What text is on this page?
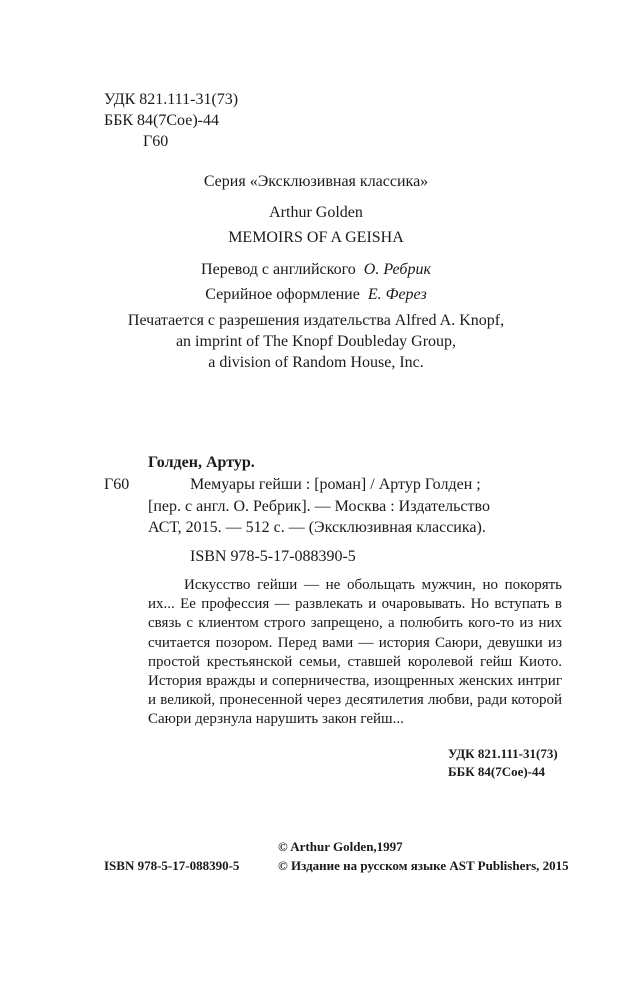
УДК 821.111-31(73)
ББК 84(7Сое)-44
Г60
Серия «Эксклюзивная классика»
Arthur Golden
MEMOIRS OF A GEISHA
Перевод с английского О. Ребрик
Серийное оформление Е. Ферез
Печатается с разрешения издательства Alfred A. Knopf,
an imprint of The Knopf Doubleday Group,
a division of Random House, Inc.
Голден, Артур.
Г60	Мемуары гейши : [роман] / Артур Голден ;
[пер. с англ. О. Ребрик]. — Москва : Издательство
АСТ, 2015. — 512 с. — (Эксклюзивная классика).
ISBN 978-5-17-088390-5

Искусство гейши — не обольщать мужчин, но покорять их... Ее профессия — развлекать и очаровывать. Но вступать в связь с клиентом строго запрещено, а полюбить кого-то из них считается позором. Перед вами — история Саюри, девушки из простой крестьянской семьи, ставшей королевой гейш Киото. История вражды и соперничества, изощренных женских интриг и великой, пронесенной через десятилетия любви, ради которой Саюри дерзнула нарушить закон гейш...

УДК 821.111-31(73)
ББК 84(7Сое)-44
© Arthur Golden,1997
ISBN 978-5-17-088390-5	© Издание на русском языке AST Publishers, 2015
